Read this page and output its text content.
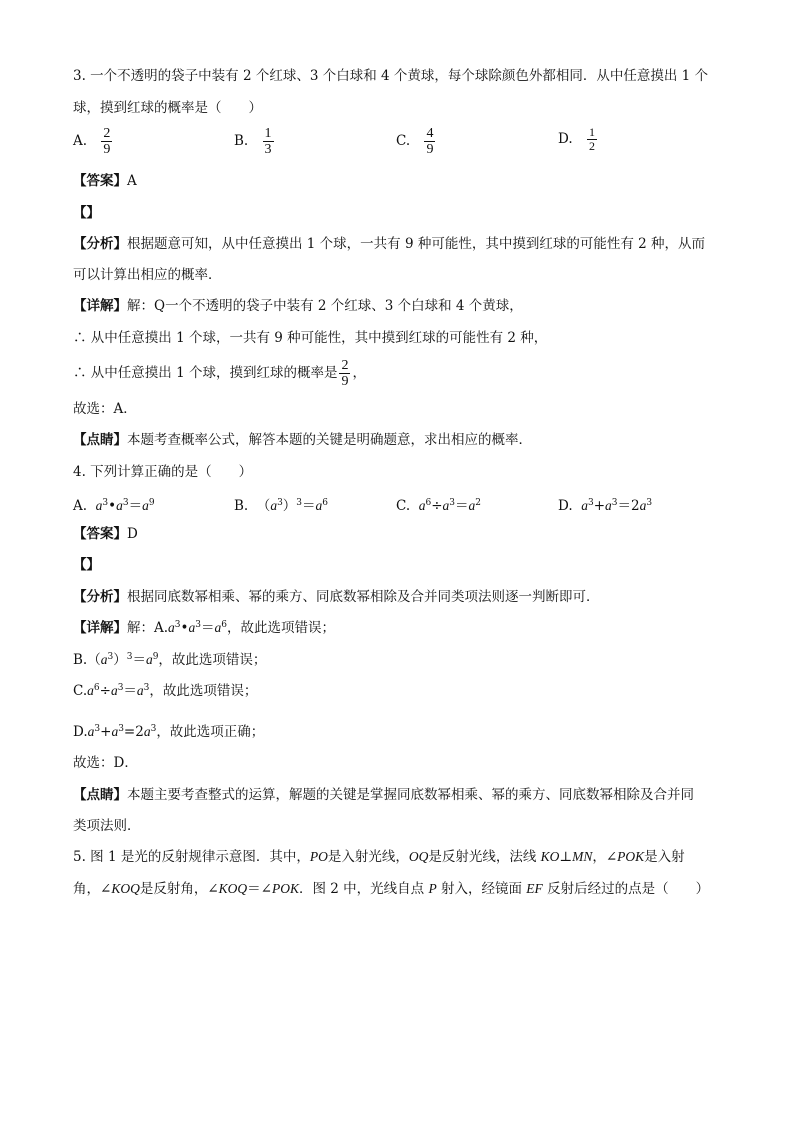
3. 一个不透明的袋子中装有 2 个红球、3 个白球和 4 个黄球，每个球除颜色外都相同．从中任意摸出 1 个
球，摸到红球的概率是（　　）
A. $\frac{2}{9}$	B. $\frac{1}{3}$	C. $\frac{4}{9}$	D. $\frac{1}{2}$
【答案】A
【】
【分析】根据题意可知，从中任意摸出 1 个球，一共有 9 种可能性，其中摸到红球的可能性有 2 种，从而
可以计算出相应的概率．
【详解】解：Q一个不透明的袋子中装有 2 个红球、3 个白球和 4 个黄球，
∴ 从中任意摸出 1 个球，一共有 9 种可能性，其中摸到红球的可能性有 2 种，
∴ 从中任意摸出 1 个球，摸到红球的概率是 $\frac{2}{9}$ ，
故选：A．
【点睛】本题考查概率公式，解答本题的关键是明确题意，求出相应的概率．
4. 下列计算正确的是（　　）
A. $a^3•a^3=a^9$	B.  $(a^3)^3=a^6$	C. $a^6\div a^3=a^2$	D. $a^3+a^3=2a^3$
【答案】D
【】
【分析】根据同底数幂相乘、幂的乘方、同底数幂相除及合并同类项法则逐一判断即可．
【详解】解：$A.a^3•a^3=a^6$，故此选项错误；
$B.(a^3)^3=a^9$，故此选项错误；
$C.a^6\div a^3=a^3$，故此选项错误；
$D.a^3+a^3=2a^3$，故此选项正确；
故选：D．
【点睛】本题主要考查整式的运算，解题的关键是掌握同底数幂相乘、幂的乘方、同底数幂相除及合并同
类项法则．
5. 图 1 是光的反射规律示意图．其中，PO是入射光线，OQ是反射光线，法线 KO⊥MN，∠POK是入射
角，∠KOQ是反射角，∠KOQ＝∠POK．图 2 中，光线自点 P 射入，经镜面 EF 反射后经过的点是（　　）
